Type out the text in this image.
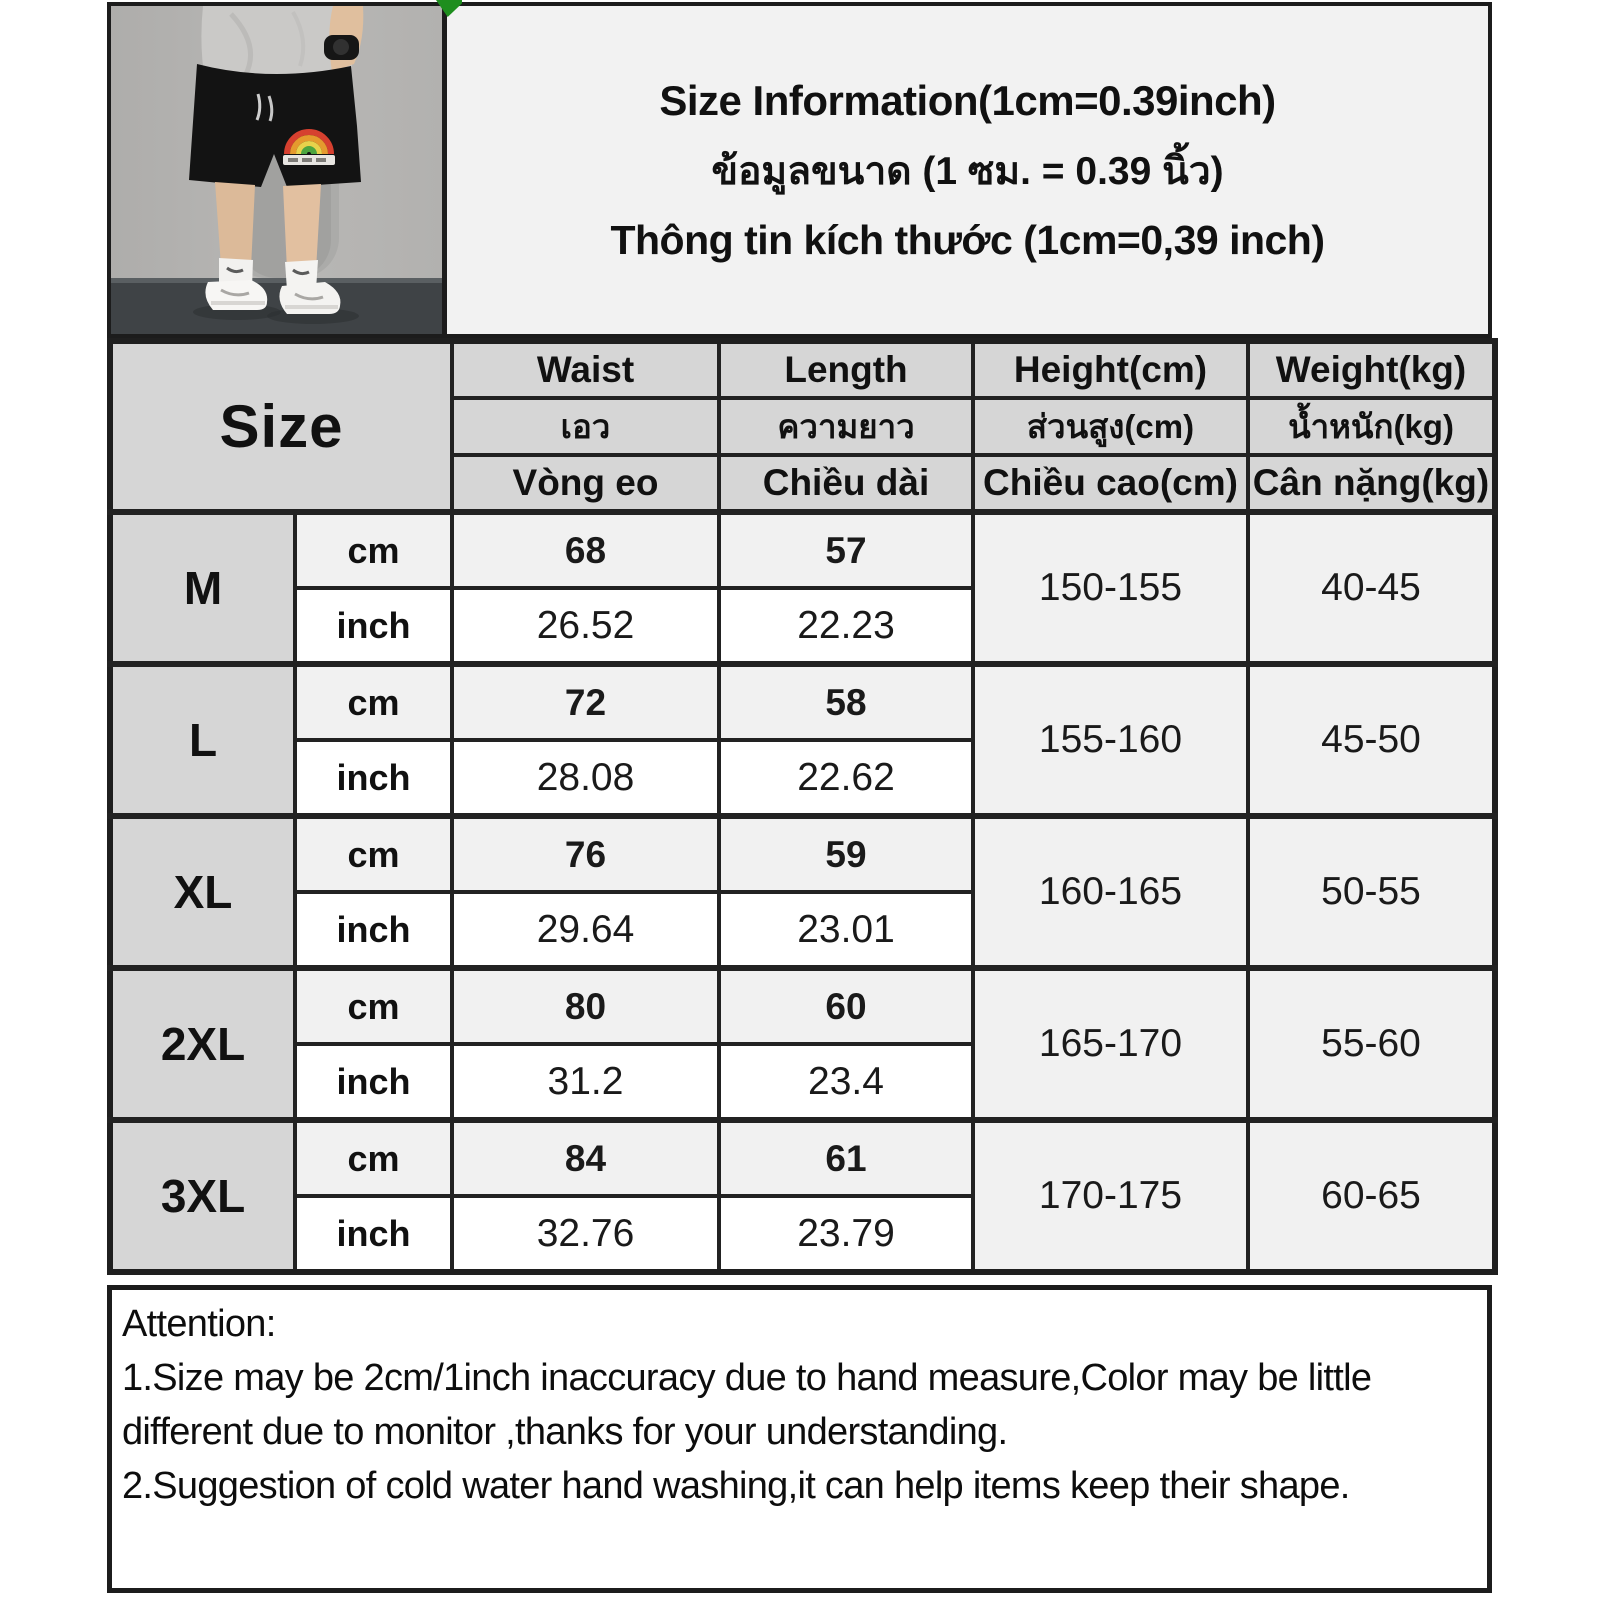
Size Information(1cm=0.39inch)
ข้อมูลขนาด (1 ซม. = 0.39 นิ้ว)
Thông tin kích thước (1cm=0,39 inch)
Size		Waist	Length	Height(cm)	Weight(kg)
		เอว	ความยาว	ส่วนสูง(cm)	น้ำหนัก(kg)
		Vòng eo	Chiều dài	Chiều cao(cm)	Cân nặng(kg)
M	cm	68	57	150-155	40-45
	inch	26.52	22.23		
L	cm	72	58	155-160	45-50
	inch	28.08	22.62		
XL	cm	76	59	160-165	50-55
	inch	29.64	23.01		
2XL	cm	80	60	165-170	55-60
	inch	31.2	23.4		
3XL	cm	84	61	170-175	60-65
	inch	32.76	23.79		

Attention:

1.Size may be 2cm/1inch inaccuracy due to hand measure,Color may be little different due to monitor ,thanks for your understanding.

2.Suggestion of cold water hand washing,it can help items keep their shape.
